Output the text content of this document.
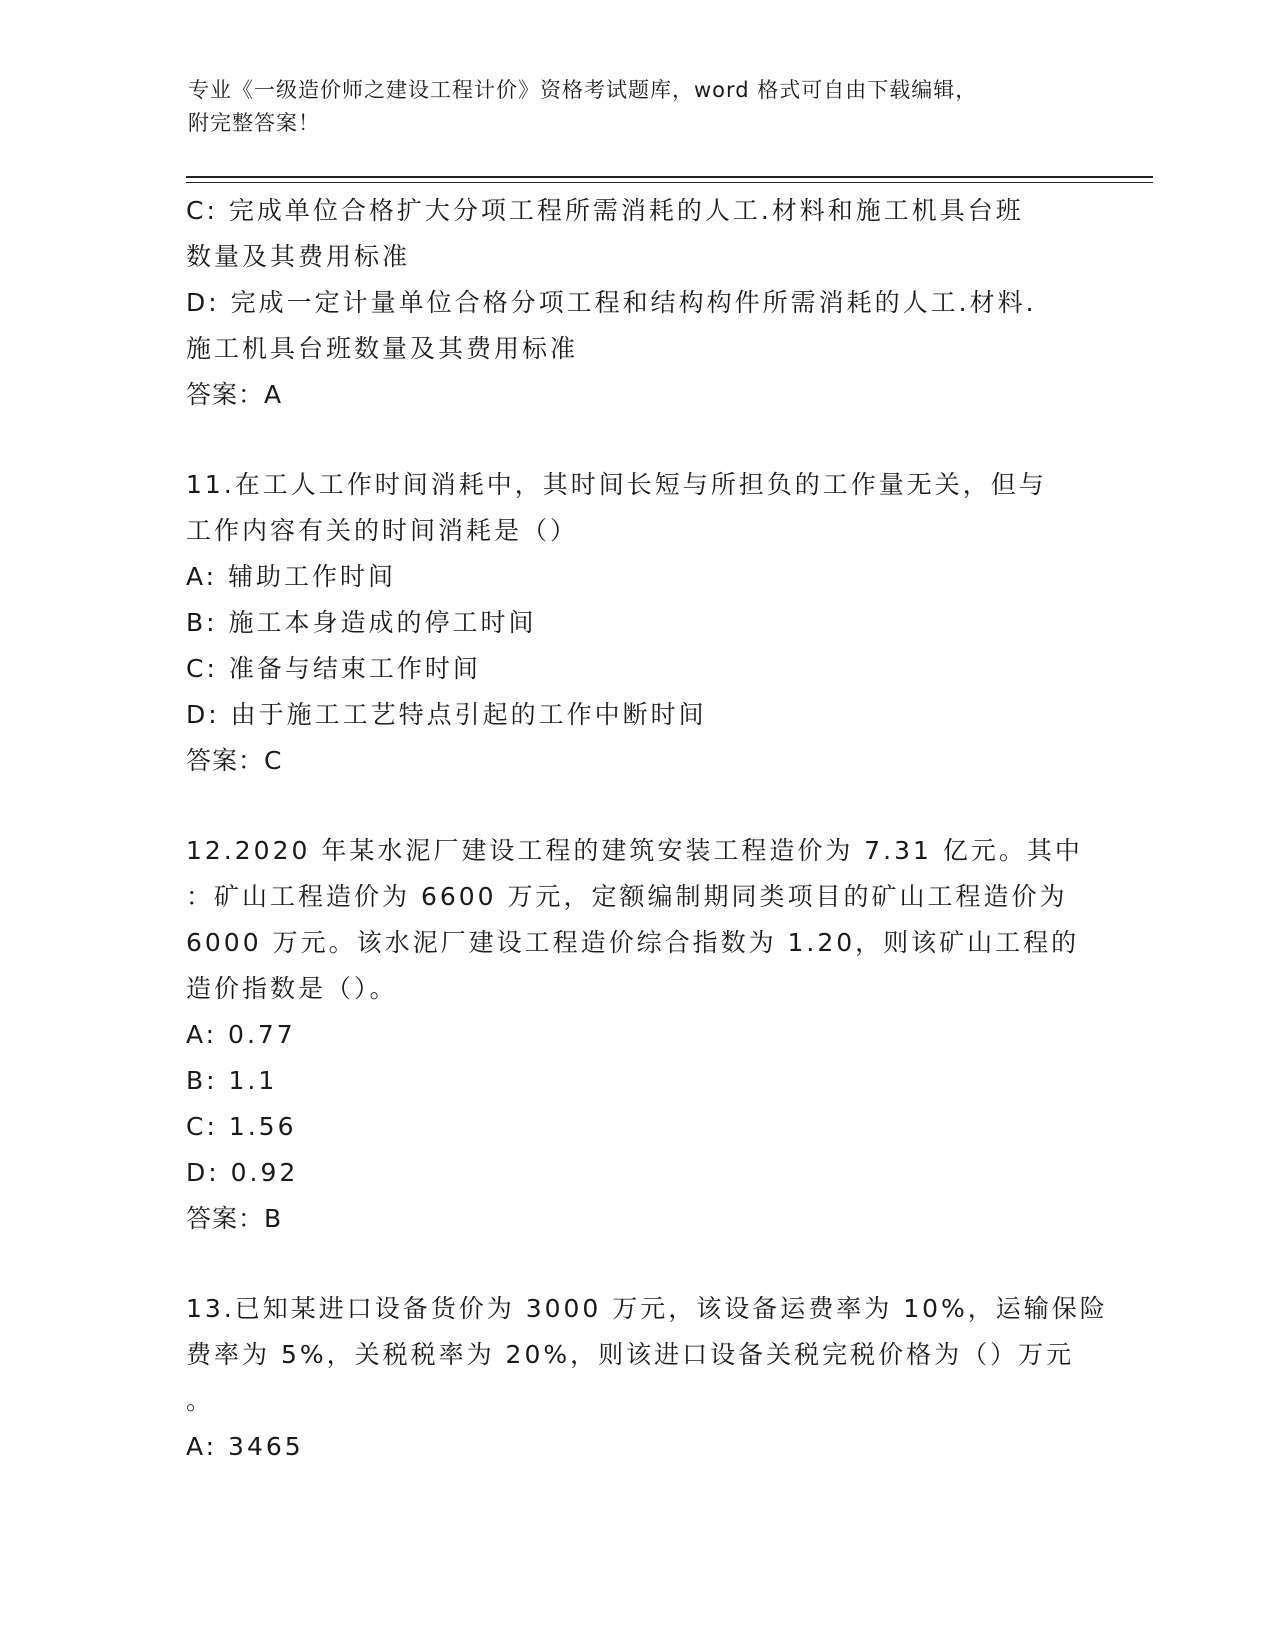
专业《一级造价师之建设工程计价》资格考试题库，word 格式可自由下载编辑，
附完整答案！
C: 完成单位合格扩大分项工程所需消耗的人工.材料和施工机具台班
数量及其费用标准
D: 完成一定计量单位合格分项工程和结构构件所需消耗的人工.材料.
施工机具台班数量及其费用标准
答案：A
11.在工人工作时间消耗中，其时间长短与所担负的工作量无关，但与
工作内容有关的时间消耗是（）
A: 辅助工作时间
B: 施工本身造成的停工时间
C: 准备与结束工作时间
D: 由于施工工艺特点引起的工作中断时间
答案：C
12.2020 年某水泥厂建设工程的建筑安装工程造价为 7.31 亿元。其中
：矿山工程造价为 6600 万元，定额编制期同类项目的矿山工程造价为
6000 万元。该水泥厂建设工程造价综合指数为 1.20，则该矿山工程的
造价指数是（）。
A: 0.77
B: 1.1
C: 1.56
D: 0.92
答案：B
13.已知某进口设备货价为 3000 万元，该设备运费率为 10%，运输保险
费率为 5%，关税税率为 20%，则该进口设备关税完税价格为（）万元
。
A: 3465
